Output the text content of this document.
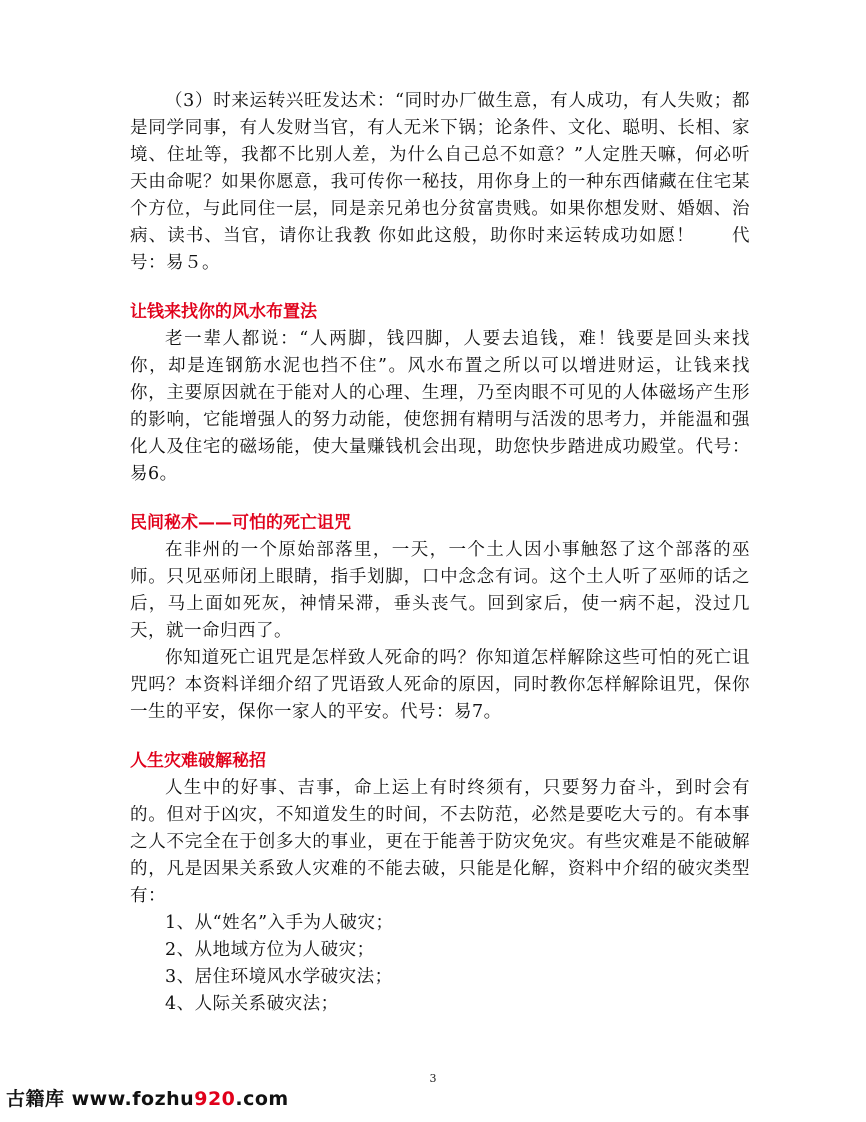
（3）时来运转兴旺发达术：“同时办厂做生意，有人成功，有人失败；都是同学同事，有人发财当官，有人无米下锅；论条件、文化、聪明、长相、家境、住址等，我都不比别人差，为什么自己总不如意？”人定胜天嘛，何必听天由命呢？如果你愿意，我可传你一秘技，用你身上的一种东西储藏在住宅某个方位，与此同住一层，同是亲兄弟也分贫富贵贱。如果你想发财、婚姻、治病、读书、当官，请你让我教 你如此这般，助你时来运转成功如愿！　　代号：易５。

让钱来找你的风水布置法

老一辈人都说：“人两脚，钱四脚，人要去追钱，难！钱要是回头来找你，却是连钢筋水泥也挡不住”。风水布置之所以可以增进财运，让钱来找你，主要原因就在于能对人的心理、生理，乃至肉眼不可见的人体磁场产生形的影响，它能增强人的努力动能，使您拥有精明与活泼的思考力，并能温和强化人及住宅的磁场能，使大量赚钱机会出现，助您快步踏进成功殿堂。代号：易6。

民间秘术——可怕的死亡诅咒

在非州的一个原始部落里，一天，一个土人因小事触怒了这个部落的巫师。只见巫师闭上眼睛，指手划脚，口中念念有词。这个土人听了巫师的话之后，马上面如死灰，神情呆滞，垂头丧气。回到家后，使一病不起，没过几天，就一命归西了。

你知道死亡诅咒是怎样致人死命的吗？你知道怎样解除这些可怕的死亡诅咒吗？本资料详细介绍了咒语致人死命的原因，同时教你怎样解除诅咒，保你一生的平安，保你一家人的平安。代号：易7。

人生灾难破解秘招

人生中的好事、吉事，命上运上有时终须有，只要努力奋斗，到时会有的。但对于凶灾，不知道发生的时间，不去防范，必然是要吃大亏的。有本事之人不完全在于创多大的事业，更在于能善于防灾免灾。有些灾难是不能破解的，凡是因果关系致人灾难的不能去破，只能是化解，资料中介绍的破灾类型有：

1、从“姓名”入手为人破灾；

2、从地域方位为人破灾；

3、居住环境风水学破灾法；

4、人际关系破灾法；

3
古籍库 www.fozhu920.com
